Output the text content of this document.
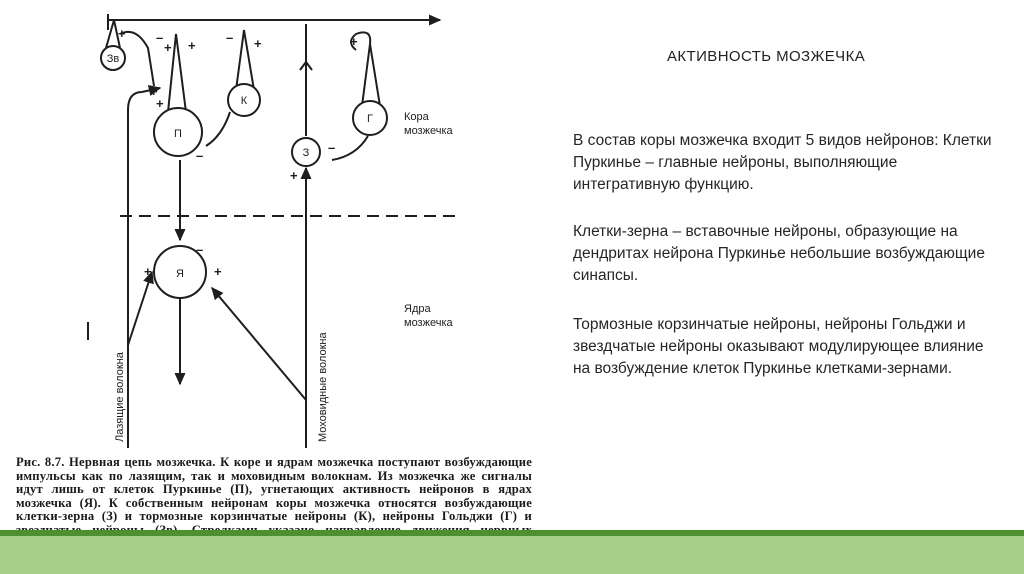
Зв
П
К
Г
З
Я
+ –
+ +
– +	+
+
+
–
–
+
–
+	+
Кора
мозжечка
Ядра
мозжечка
Лазящие волокна	Моховидные волокна
Рис. 8.7. Нервная цепь мозжечка. К коре и ядрам мозжечка поступают возбуждающие импульсы как по лазящим, так и моховидным волокнам. Из мозжечка же сигналы идут лишь от клеток Пуркинье (П), угнетающих активность нейронов в ядрах мозжечка (Я). К собственным нейронам коры мозжечка относятся возбуждающие клетки-зерна (З) и тормозные корзинчатые нейроны (К), нейроны Гольджи (Г) и
АКТИВНОСТЬ МОЗЖЕЧКА
В состав коры мозжечка входит 5 видов нейронов: Клетки Пуркинье – главные нейроны, выполняющие интегративную функцию.
Клетки-зерна – вставочные нейроны, образующие на дендритах нейрона Пуркинье небольшие возбуждающие синапсы.
Тормозные корзинчатые нейроны, нейроны Гольджи и звездчатые нейроны оказывают модулирующее влияние на возбуждение клеток Пуркинье клетками-зернами.
